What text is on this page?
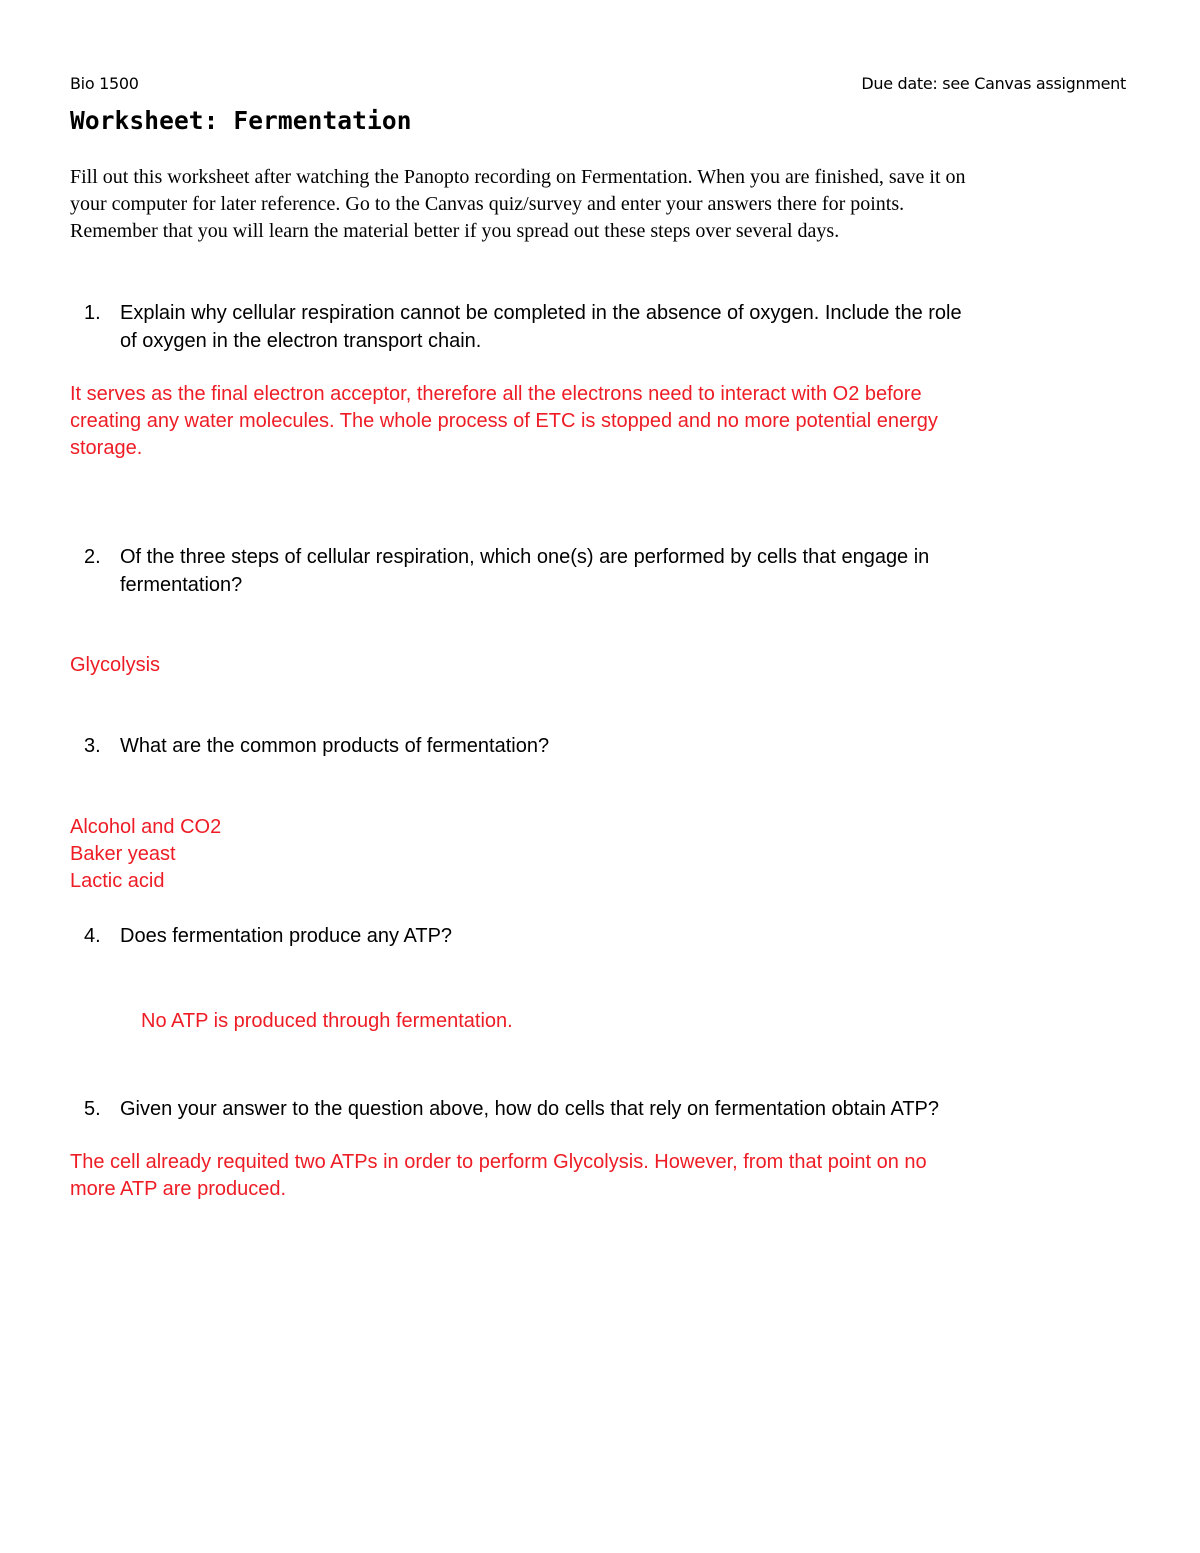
Bio 1500	Due date: see Canvas assignment
Worksheet: Fermentation
Fill out this worksheet after watching the Panopto recording on Fermentation. When you are finished, save it on
your computer for later reference. Go to the Canvas quiz/survey and enter your answers there for points.
Remember that you will learn the material better if you spread out these steps over several days.
1. Explain why cellular respiration cannot be completed in the absence of oxygen. Include the role
of oxygen in the electron transport chain.
It serves as the final electron acceptor, therefore all the electrons need to interact with O2 before
creating any water molecules. The whole process of ETC is stopped and no more potential energy
storage.
2. Of the three steps of cellular respiration, which one(s) are performed by cells that engage in
fermentation?
Glycolysis
3. What are the common products of fermentation?
Alcohol and CO2
Baker yeast
Lactic acid
4. Does fermentation produce any ATP?
No ATP is produced through fermentation.
5. Given your answer to the question above, how do cells that rely on fermentation obtain ATP?
The cell already requited two ATPs in order to perform Glycolysis. However, from that point on no
more ATP are produced.
